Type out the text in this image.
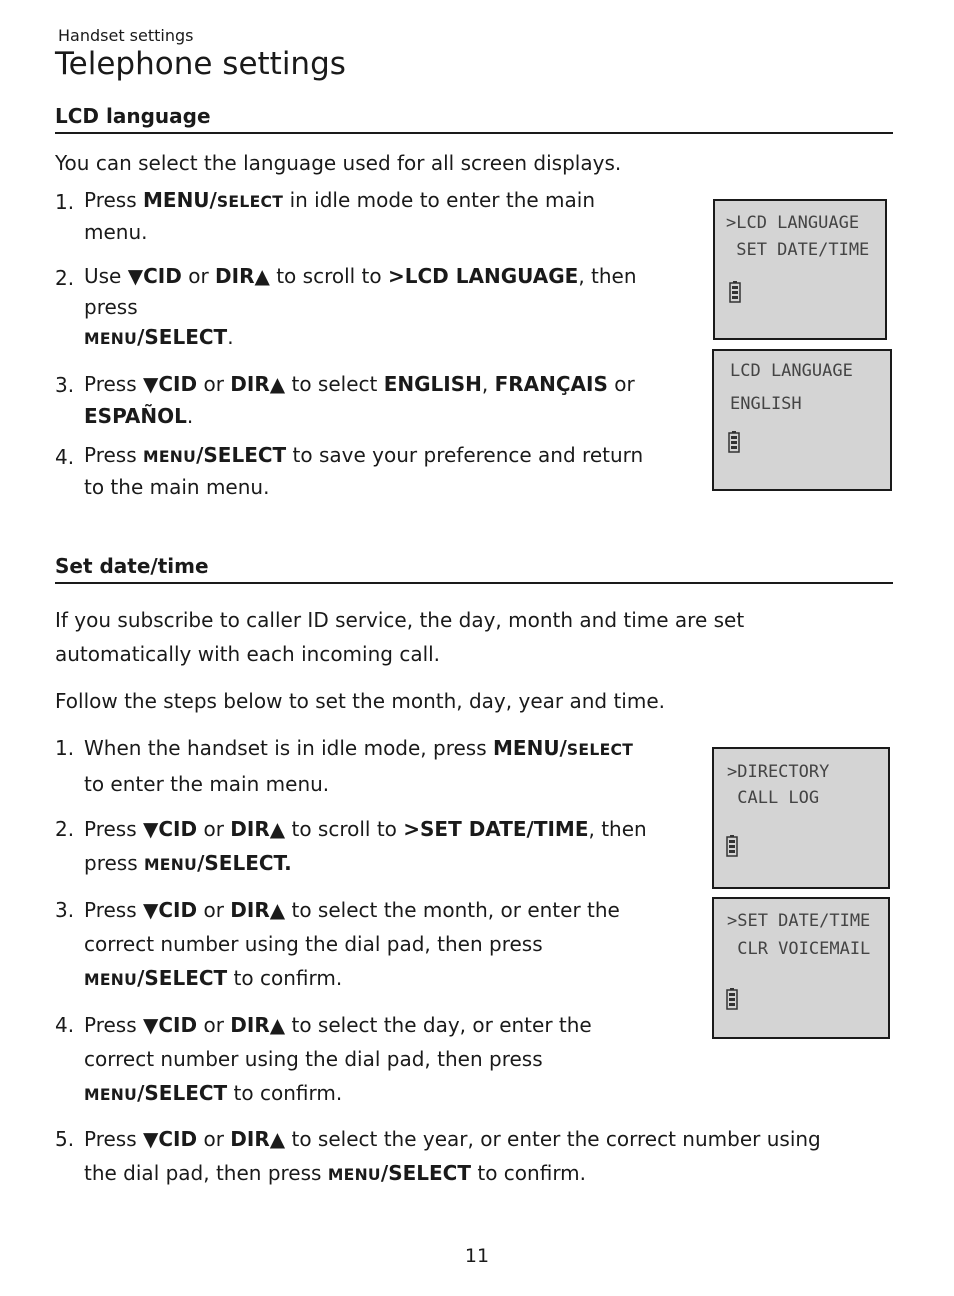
Handset settings
Telephone settings
LCD language
You can select the language used for all screen displays.
1. Press MENU/SELECT in idle mode to enter the main
menu.
2. Use ▼CID or DIR▲ to scroll to >LCD LANGUAGE, then
press
MENU/SELECT.
3. Press ▼CID or DIR▲ to select ENGLISH, FRANÇAIS or
ESPAÑOL.
4. Press MENU/SELECT to save your preference and return
to the main menu.
>LCD LANGUAGE
SET DATE/TIME
LCD LANGUAGE
ENGLISH
Set date/time
If you subscribe to caller ID service, the day, month and time are set
automatically with each incoming call.
Follow the steps below to set the month, day, year and time.
1. When the handset is in idle mode, press MENU/SELECT
to enter the main menu.
2. Press ▼CID or DIR▲ to scroll to >SET DATE/TIME, then
press MENU/SELECT.
3. Press ▼CID or DIR▲ to select the month, or enter the
correct number using the dial pad, then press
MENU/SELECT to confirm.
4. Press ▼CID or DIR▲ to select the day, or enter the
correct number using the dial pad, then press
MENU/SELECT to confirm.
5. Press ▼CID or DIR▲ to select the year, or enter the correct number using
the dial pad, then press MENU/SELECT to confirm.
>DIRECTORY
CALL LOG
>SET DATE/TIME
CLR VOICEMAIL
11
